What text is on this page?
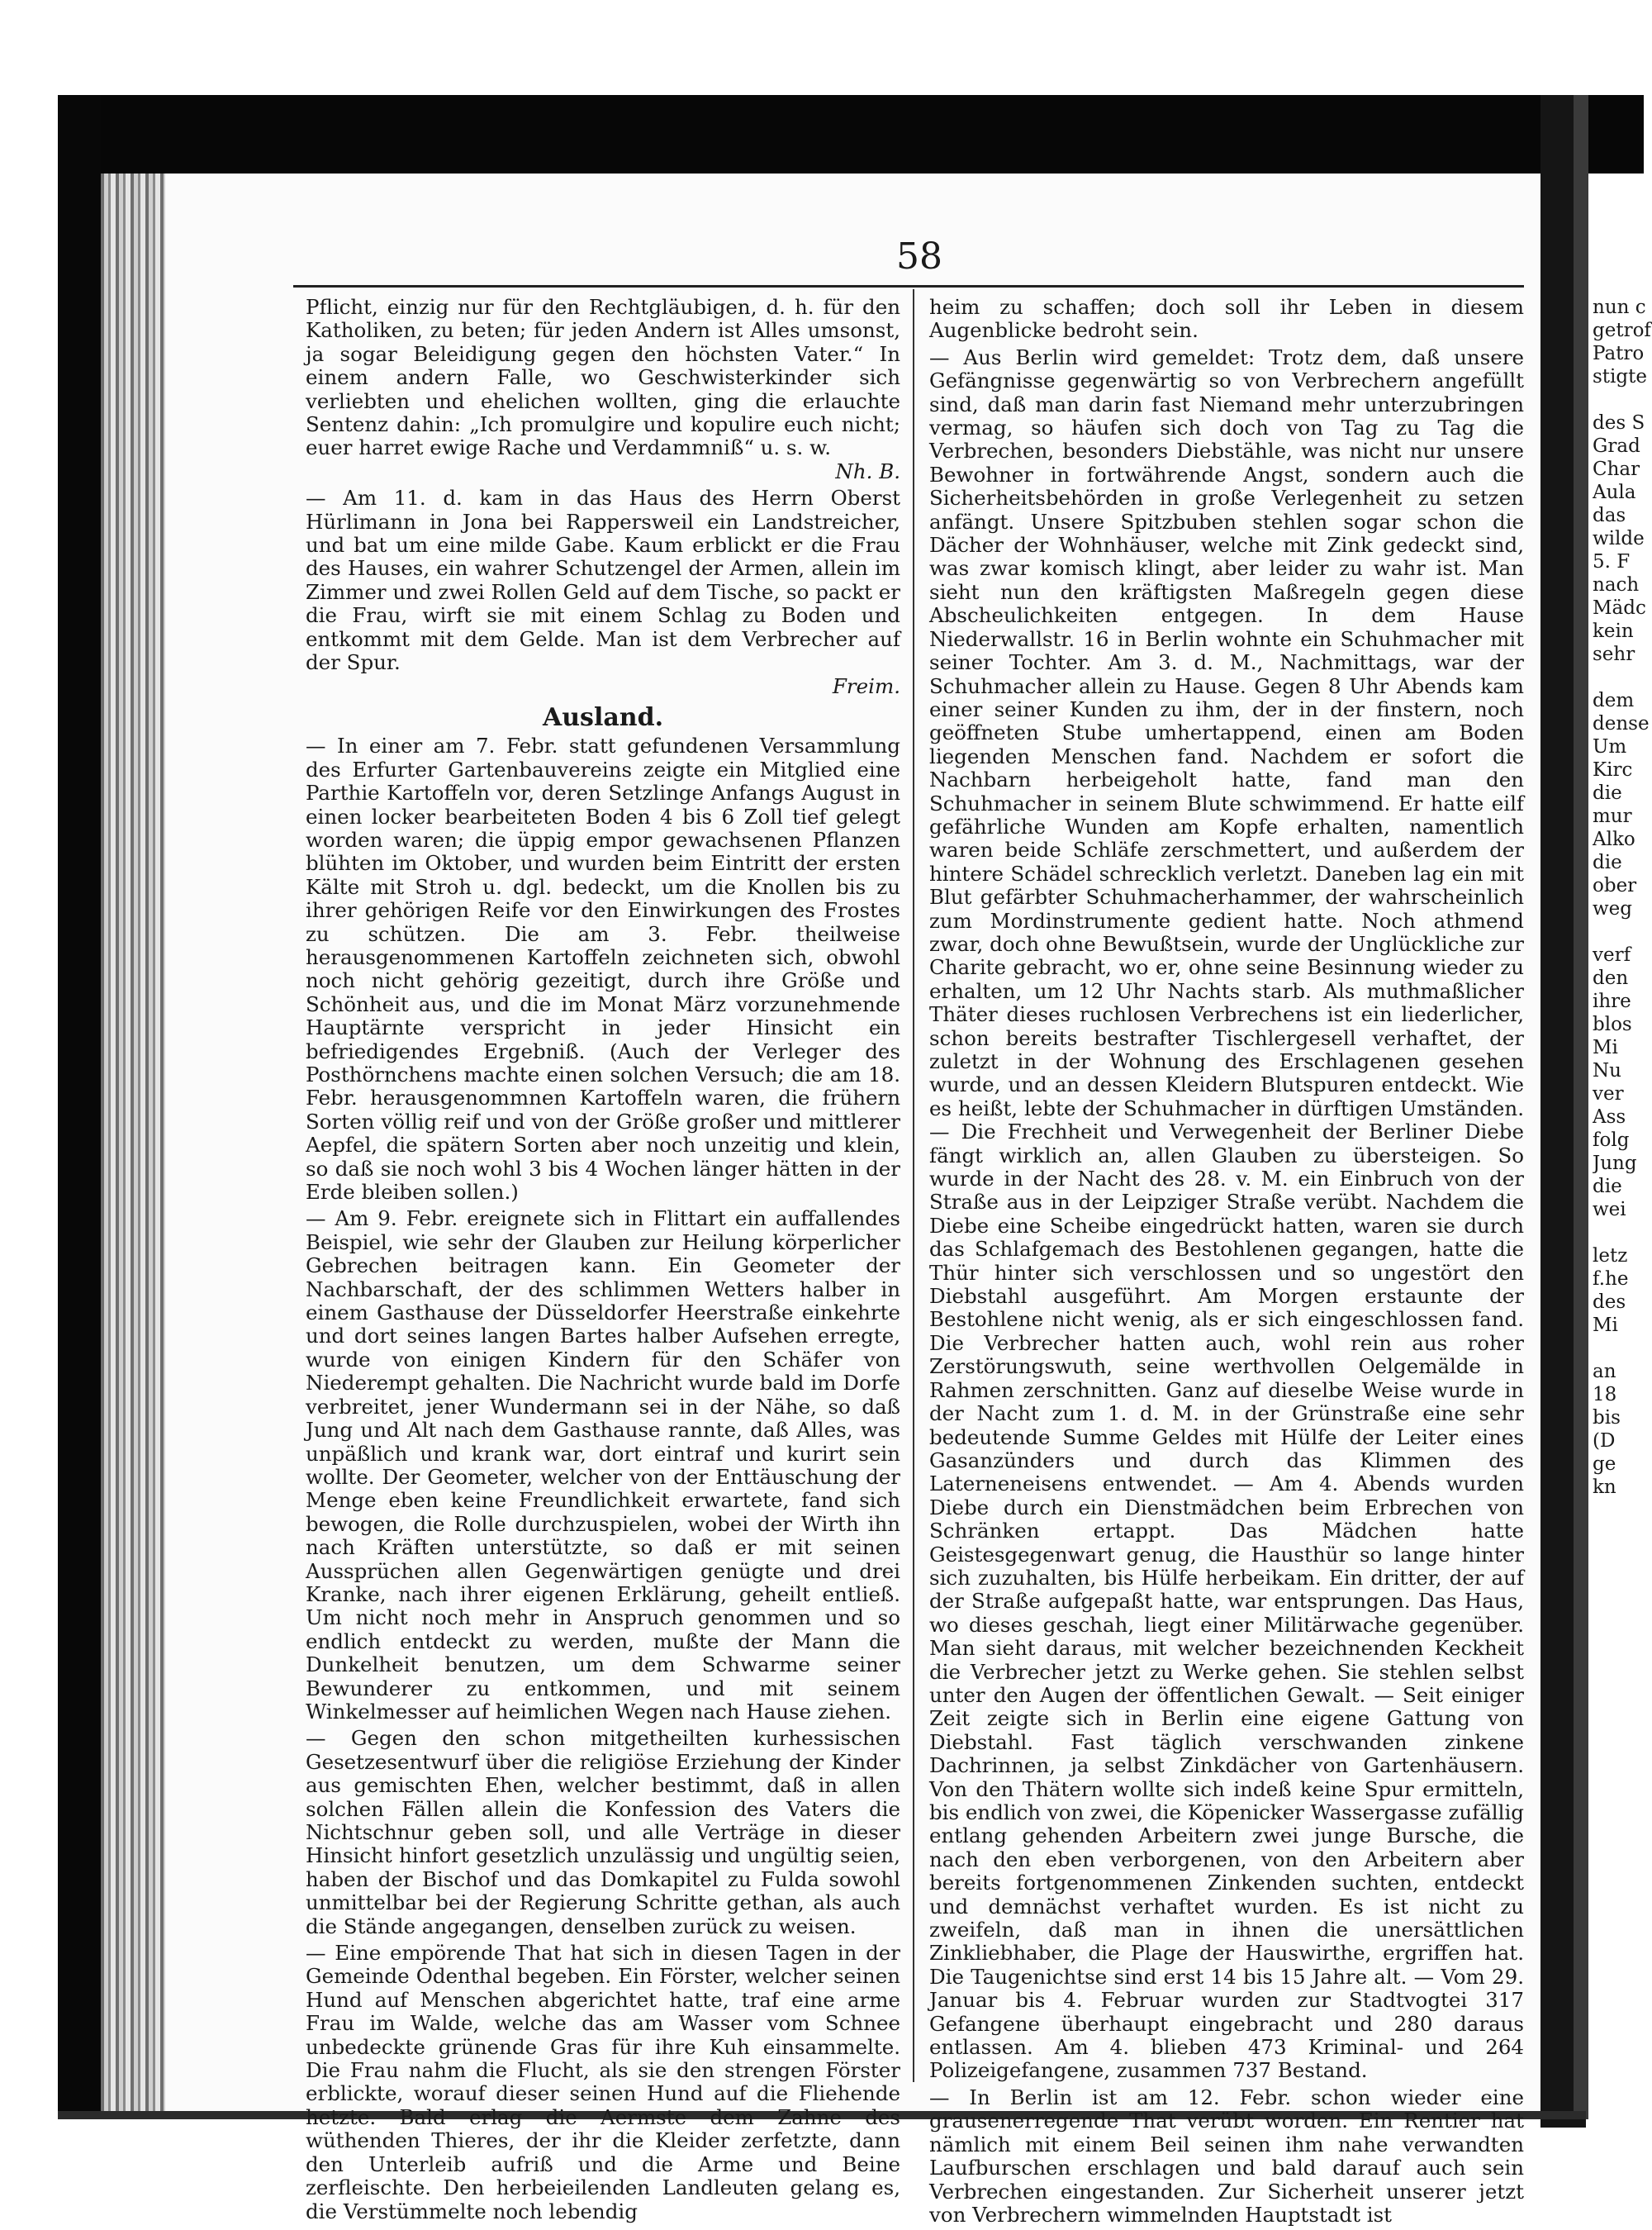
58

Pflicht, einzig nur für den Rechtgläubigen, d. h. für den Katholiken, zu beten; für jeden Andern ist Alles umsonst, ja sogar Beleidigung gegen den höchsten Vater.“ In einem andern Falle, wo Geschwisterkinder sich verliebten und ehelichen wollten, ging die erlauchte Sentenz dahin: „Ich promulgire und kopulire euch nicht; euer harret ewige Rache und Verdammniß“ u. s. w.

Nh. B.

— Am 11. d. kam in das Haus des Herrn Oberst Hürlimann in Jona bei Rappersweil ein Landstreicher, und bat um eine milde Gabe. Kaum erblickt er die Frau des Hauses, ein wahrer Schutzengel der Armen, allein im Zimmer und zwei Rollen Geld auf dem Tische, so packt er die Frau, wirft sie mit einem Schlag zu Boden und entkommt mit dem Gelde. Man ist dem Verbrecher auf der Spur.

Freim.

Ausland.

— In einer am 7. Febr. statt gefundenen Versammlung des Erfurter Gartenbauvereins zeigte ein Mitglied eine Parthie Kartoffeln vor, deren Setzlinge Anfangs August in einen locker bearbeiteten Boden 4 bis 6 Zoll tief gelegt worden waren; die üppig empor gewachsenen Pflanzen blühten im Oktober, und wurden beim Eintritt der ersten Kälte mit Stroh u. dgl. bedeckt, um die Knollen bis zu ihrer gehörigen Reife vor den Einwirkungen des Frostes zu schützen. Die am 3. Febr. theilweise herausgenommenen Kartoffeln zeichneten sich, obwohl noch nicht gehörig gezeitigt, durch ihre Größe und Schönheit aus, und die im Monat März vorzunehmende Hauptärnte verspricht in jeder Hinsicht ein befriedigendes Ergebniß. (Auch der Verleger des Posthörnchens machte einen solchen Versuch; die am 18. Febr. herausgenommnen Kartoffeln waren, die frühern Sorten völlig reif und von der Größe großer und mittlerer Aepfel, die spätern Sorten aber noch unzeitig und klein, so daß sie noch wohl 3 bis 4 Wochen länger hätten in der Erde bleiben sollen.)

— Am 9. Febr. ereignete sich in Flittart ein auffallendes Beispiel, wie sehr der Glauben zur Heilung körperlicher Gebrechen beitragen kann. Ein Geometer der Nachbarschaft, der des schlimmen Wetters halber in einem Gasthause der Düsseldorfer Heerstraße einkehrte und dort seines langen Bartes halber Aufsehen erregte, wurde von einigen Kindern für den Schäfer von Niederempt gehalten. Die Nachricht wurde bald im Dorfe verbreitet, jener Wundermann sei in der Nähe, so daß Jung und Alt nach dem Gasthause rannte, daß Alles, was unpäßlich und krank war, dort eintraf und kurirt sein wollte. Der Geometer, welcher von der Enttäuschung der Menge eben keine Freundlichkeit erwartete, fand sich bewogen, die Rolle durchzuspielen, wobei der Wirth ihn nach Kräften unterstützte, so daß er mit seinen Aussprüchen allen Gegenwärtigen genügte und drei Kranke, nach ihrer eigenen Erklärung, geheilt entließ. Um nicht noch mehr in Anspruch genommen und so endlich entdeckt zu werden, mußte der Mann die Dunkelheit benutzen, um dem Schwarme seiner Bewunderer zu entkommen, und mit seinem Winkelmesser auf heimlichen Wegen nach Hause ziehen.

— Gegen den schon mitgetheilten kurhessischen Gesetzesentwurf über die religiöse Erziehung der Kinder aus gemischten Ehen, welcher bestimmt, daß in allen solchen Fällen allein die Konfession des Vaters die Nichtschnur geben soll, und alle Verträge in dieser Hinsicht hinfort gesetzlich unzulässig und ungültig seien, haben der Bischof und das Domkapitel zu Fulda sowohl unmittelbar bei der Regierung Schritte gethan, als auch die Stände angegangen, denselben zurück zu weisen.

— Eine empörende That hat sich in diesen Tagen in der Gemeinde Odenthal begeben. Ein Förster, welcher seinen Hund auf Menschen abgerichtet hatte, traf eine arme Frau im Walde, welche das am Wasser vom Schnee unbedeckte grünende Gras für ihre Kuh einsammelte. Die Frau nahm die Flucht, als sie den strengen Förster erblickte, worauf dieser seinen Hund auf die Fliehende hetzte. Bald erlag die Aermste dem Zahne des wüthenden Thieres, der ihr die Kleider zerfetzte, dann den Unterleib aufriß und die Arme und Beine zerfleischte. Den herbeieilenden Landleuten gelang es, die Verstümmelte noch lebendig

heim zu schaffen; doch soll ihr Leben in diesem Augenblicke bedroht sein.

— Aus Berlin wird gemeldet: Trotz dem, daß unsere Gefängnisse gegenwärtig so von Verbrechern angefüllt sind, daß man darin fast Niemand mehr unterzubringen vermag, so häufen sich doch von Tag zu Tag die Verbrechen, besonders Diebstähle, was nicht nur unsere Bewohner in fortwährende Angst, sondern auch die Sicherheitsbehörden in große Verlegenheit zu setzen anfängt. Unsere Spitzbuben stehlen sogar schon die Dächer der Wohnhäuser, welche mit Zink gedeckt sind, was zwar komisch klingt, aber leider zu wahr ist. Man sieht nun den kräftigsten Maßregeln gegen diese Abscheulichkeiten entgegen. In dem Hause Niederwallstr. 16 in Berlin wohnte ein Schuhmacher mit seiner Tochter. Am 3. d. M., Nachmittags, war der Schuhmacher allein zu Hause. Gegen 8 Uhr Abends kam einer seiner Kunden zu ihm, der in der finstern, noch geöffneten Stube umhertappend, einen am Boden liegenden Menschen fand. Nachdem er sofort die Nachbarn herbeigeholt hatte, fand man den Schuhmacher in seinem Blute schwimmend. Er hatte eilf gefährliche Wunden am Kopfe erhalten, namentlich waren beide Schläfe zerschmettert, und außerdem der hintere Schädel schrecklich verletzt. Daneben lag ein mit Blut gefärbter Schuhmacherhammer, der wahrscheinlich zum Mordinstrumente gedient hatte. Noch athmend zwar, doch ohne Bewußtsein, wurde der Unglückliche zur Charite gebracht, wo er, ohne seine Besinnung wieder zu erhalten, um 12 Uhr Nachts starb. Als muthmaßlicher Thäter dieses ruchlosen Verbrechens ist ein liederlicher, schon bereits bestrafter Tischlergesell verhaftet, der zuletzt in der Wohnung des Erschlagenen gesehen wurde, und an dessen Kleidern Blutspuren entdeckt. Wie es heißt, lebte der Schuhmacher in dürftigen Umständen. — Die Frechheit und Verwegenheit der Berliner Diebe fängt wirklich an, allen Glauben zu übersteigen. So wurde in der Nacht des 28. v. M. ein Einbruch von der Straße aus in der Leipziger Straße verübt. Nachdem die Diebe eine Scheibe eingedrückt hatten, waren sie durch das Schlafgemach des Bestohlenen gegangen, hatte die Thür hinter sich verschlossen und so ungestört den Diebstahl ausgeführt. Am Morgen erstaunte der Bestohlene nicht wenig, als er sich eingeschlossen fand. Die Verbrecher hatten auch, wohl rein aus roher Zerstörungswuth, seine werthvollen Oelgemälde in Rahmen zerschnitten. Ganz auf dieselbe Weise wurde in der Nacht zum 1. d. M. in der Grünstraße eine sehr bedeutende Summe Geldes mit Hülfe der Leiter eines Gasanzünders und durch das Klimmen des Laterneneisens entwendet. — Am 4. Abends wurden Diebe durch ein Dienstmädchen beim Erbrechen von Schränken ertappt. Das Mädchen hatte Geistesgegenwart genug, die Hausthür so lange hinter sich zuzuhalten, bis Hülfe herbeikam. Ein dritter, der auf der Straße aufgepaßt hatte, war entsprungen. Das Haus, wo dieses geschah, liegt einer Militärwache gegenüber. Man sieht daraus, mit welcher bezeichnenden Keckheit die Verbrecher jetzt zu Werke gehen. Sie stehlen selbst unter den Augen der öffentlichen Gewalt. — Seit einiger Zeit zeigte sich in Berlin eine eigene Gattung von Diebstahl. Fast täglich verschwanden zinkene Dachrinnen, ja selbst Zinkdächer von Gartenhäusern. Von den Thätern wollte sich indeß keine Spur ermitteln, bis endlich von zwei, die Köpenicker Wassergasse zufällig entlang gehenden Arbeitern zwei junge Bursche, die nach den eben verborgenen, von den Arbeitern aber bereits fortgenommenen Zinkenden suchten, entdeckt und demnächst verhaftet wurden. Es ist nicht zu zweifeln, daß man in ihnen die unersättlichen Zinkliebhaber, die Plage der Hauswirthe, ergriffen hat. Die Taugenichtse sind erst 14 bis 15 Jahre alt. — Vom 29. Januar bis 4. Februar wurden zur Stadtvogtei 317 Gefangene überhaupt eingebracht und 280 daraus entlassen. Am 4. blieben 473 Kriminal- und 264 Polizeigefangene, zusammen 737 Bestand.

— In Berlin ist am 12. Febr. schon wieder eine grausenerregende That verübt worden. Ein Rentier hat nämlich mit einem Beil seinen ihm nahe verwandten Laufburschen erschlagen und bald darauf auch sein Verbrechen eingestanden. Zur Sicherheit unserer jetzt von Verbrechern wimmelnden Hauptstadt ist

nun c
getrof
Patro
stigte
des S
Grad
Char
Aula
das
wilde
5. F
nach
Mädc
kein
sehr
dem
dense
Um
Kirc
die
mur
Alko
die
ober
weg
verf
den
ihre
blos
Mi
Nu
ver
Ass
folg
Jung
die
wei
letz
f.he
des
Mi
an
18
bis
(D
ge
kn
